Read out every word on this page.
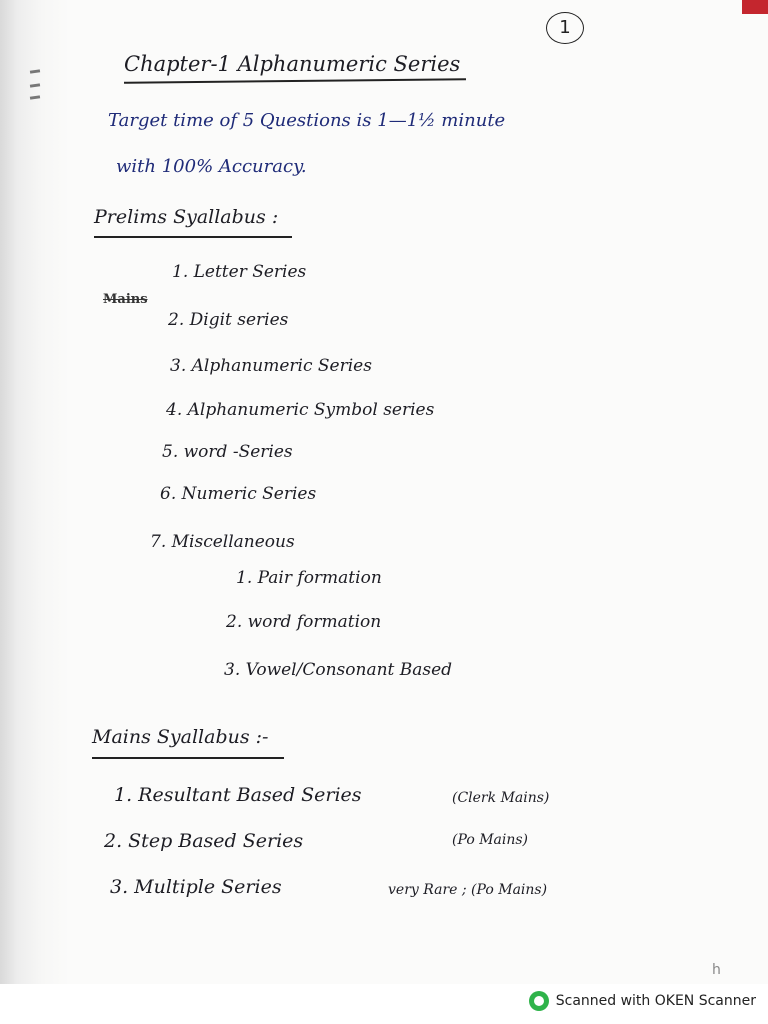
1
Chapter-1 Alphanumeric Series
Target time of 5 Questions is 1—1½ minute
with 100% Accuracy.
Prelims Syallabus :
Mains
1. Letter Series
2. Digit series
3. Alphanumeric Series
4. Alphanumeric Symbol series
5. word -Series
6. Numeric Series
7. Miscellaneous
1. Pair formation
2. word formation
3. Vowel/Consonant Based
Mains Syallabus :-
1. Resultant Based Series	(Clerk Mains)
2. Step Based Series	(Po Mains)
3. Multiple Series	very Rare ; (Po Mains)
h
Scanned with OKEN Scanner
